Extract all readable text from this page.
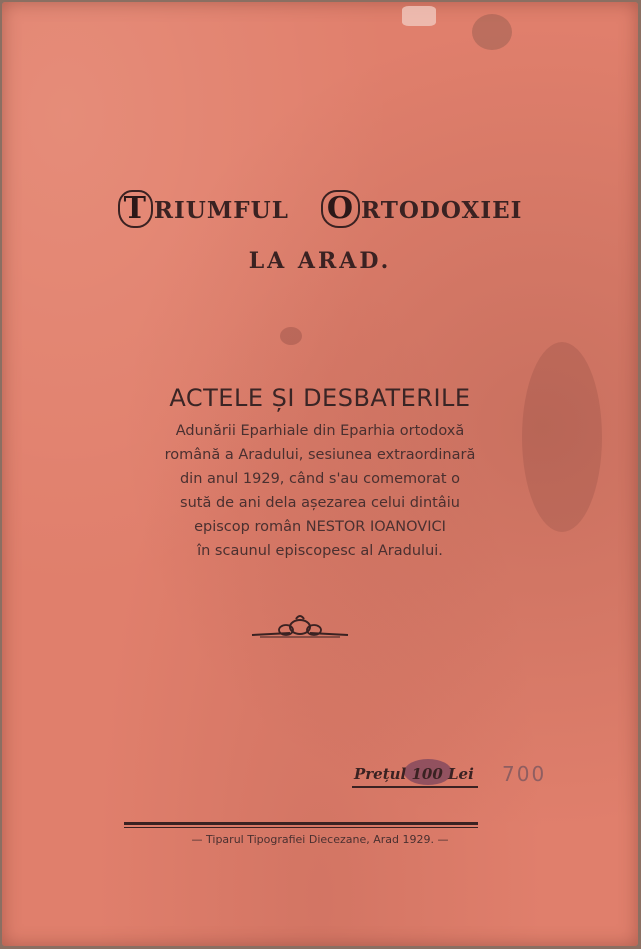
T RIUMFUL O RTODOXIEI
LA ARAD.
ACTELE ȘI DESBATERILE
Adunării Eparhiale din Eparhia ortodoxă
română a Aradului, sesiunea extraordinară
din anul 1929, când s'au comemorat o
sută de ani dela așezarea celui dintâiu
episcop român NESTOR IOANOVICI
în scaunul episcopesc al Aradului.
Prețul 100 Lei 700
— Tiparul Tipografiei Diecezane, Arad 1929. —
